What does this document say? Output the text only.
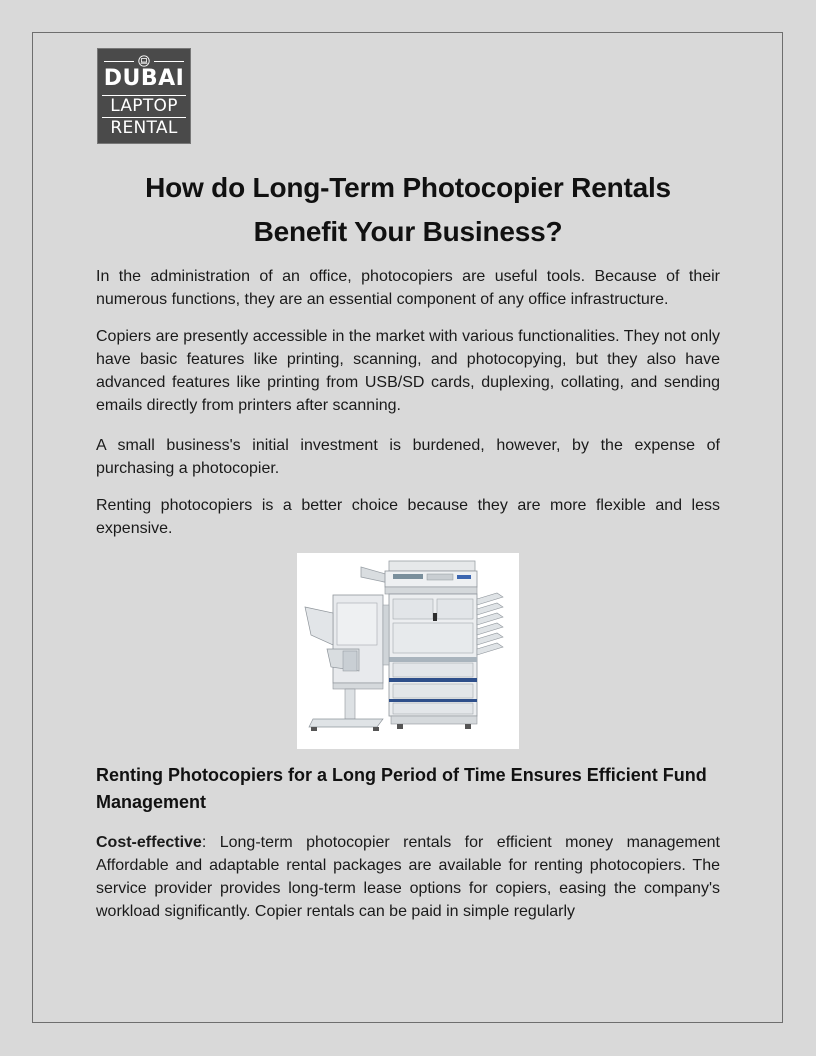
DUBAI
LAPTOP
RENTAL
How do Long-Term Photocopier Rentals Benefit Your Business?

In the administration of an office, photocopiers are useful tools. Because of their numerous functions, they are an essential component of any office infrastructure.

Copiers are presently accessible in the market with various functionalities. They not only have basic features like printing, scanning, and photocopying, but they also have advanced features like printing from USB/SD cards, duplexing, collating, and sending emails directly from printers after scanning.

A small business's initial investment is burdened, however, by the expense of purchasing a photocopier.

Renting photocopiers is a better choice because they are more flexible and less expensive.

Renting Photocopiers for a Long Period of Time Ensures Efficient Fund Management

Cost-effective: Long-term photocopier rentals for efficient money management Affordable and adaptable rental packages are available for renting photocopiers. The service provider provides long-term lease options for copiers, easing the company's workload significantly. Copier rentals can be paid in simple regularly
